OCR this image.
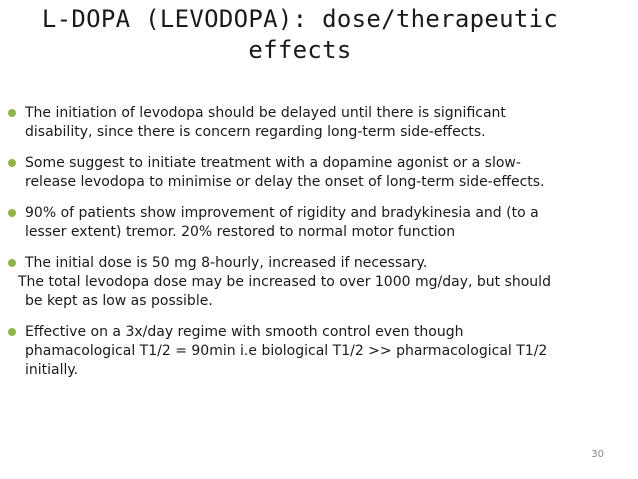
L-DOPA (LEVODOPA): dose/therapeutic
effects
The initiation of levodopa should be delayed until there is significant
disability, since there is concern regarding long-term side-effects.
Some suggest to initiate treatment with a dopamine agonist or a slow-
release levodopa to minimise or delay the onset of long-term side-effects.
90% of patients show improvement of rigidity and bradykinesia and (to a
lesser extent) tremor. 20% restored to normal motor function
The initial dose is 50 mg 8-hourly, increased if necessary.
The total levodopa dose may be increased to over 1000 mg/day, but should
be kept as low as possible.
Effective on a 3x/day regime with smooth control even though
phamacological T1/2 = 90min i.e biological T1/2 >> pharmacological T1/2
initially.
30
